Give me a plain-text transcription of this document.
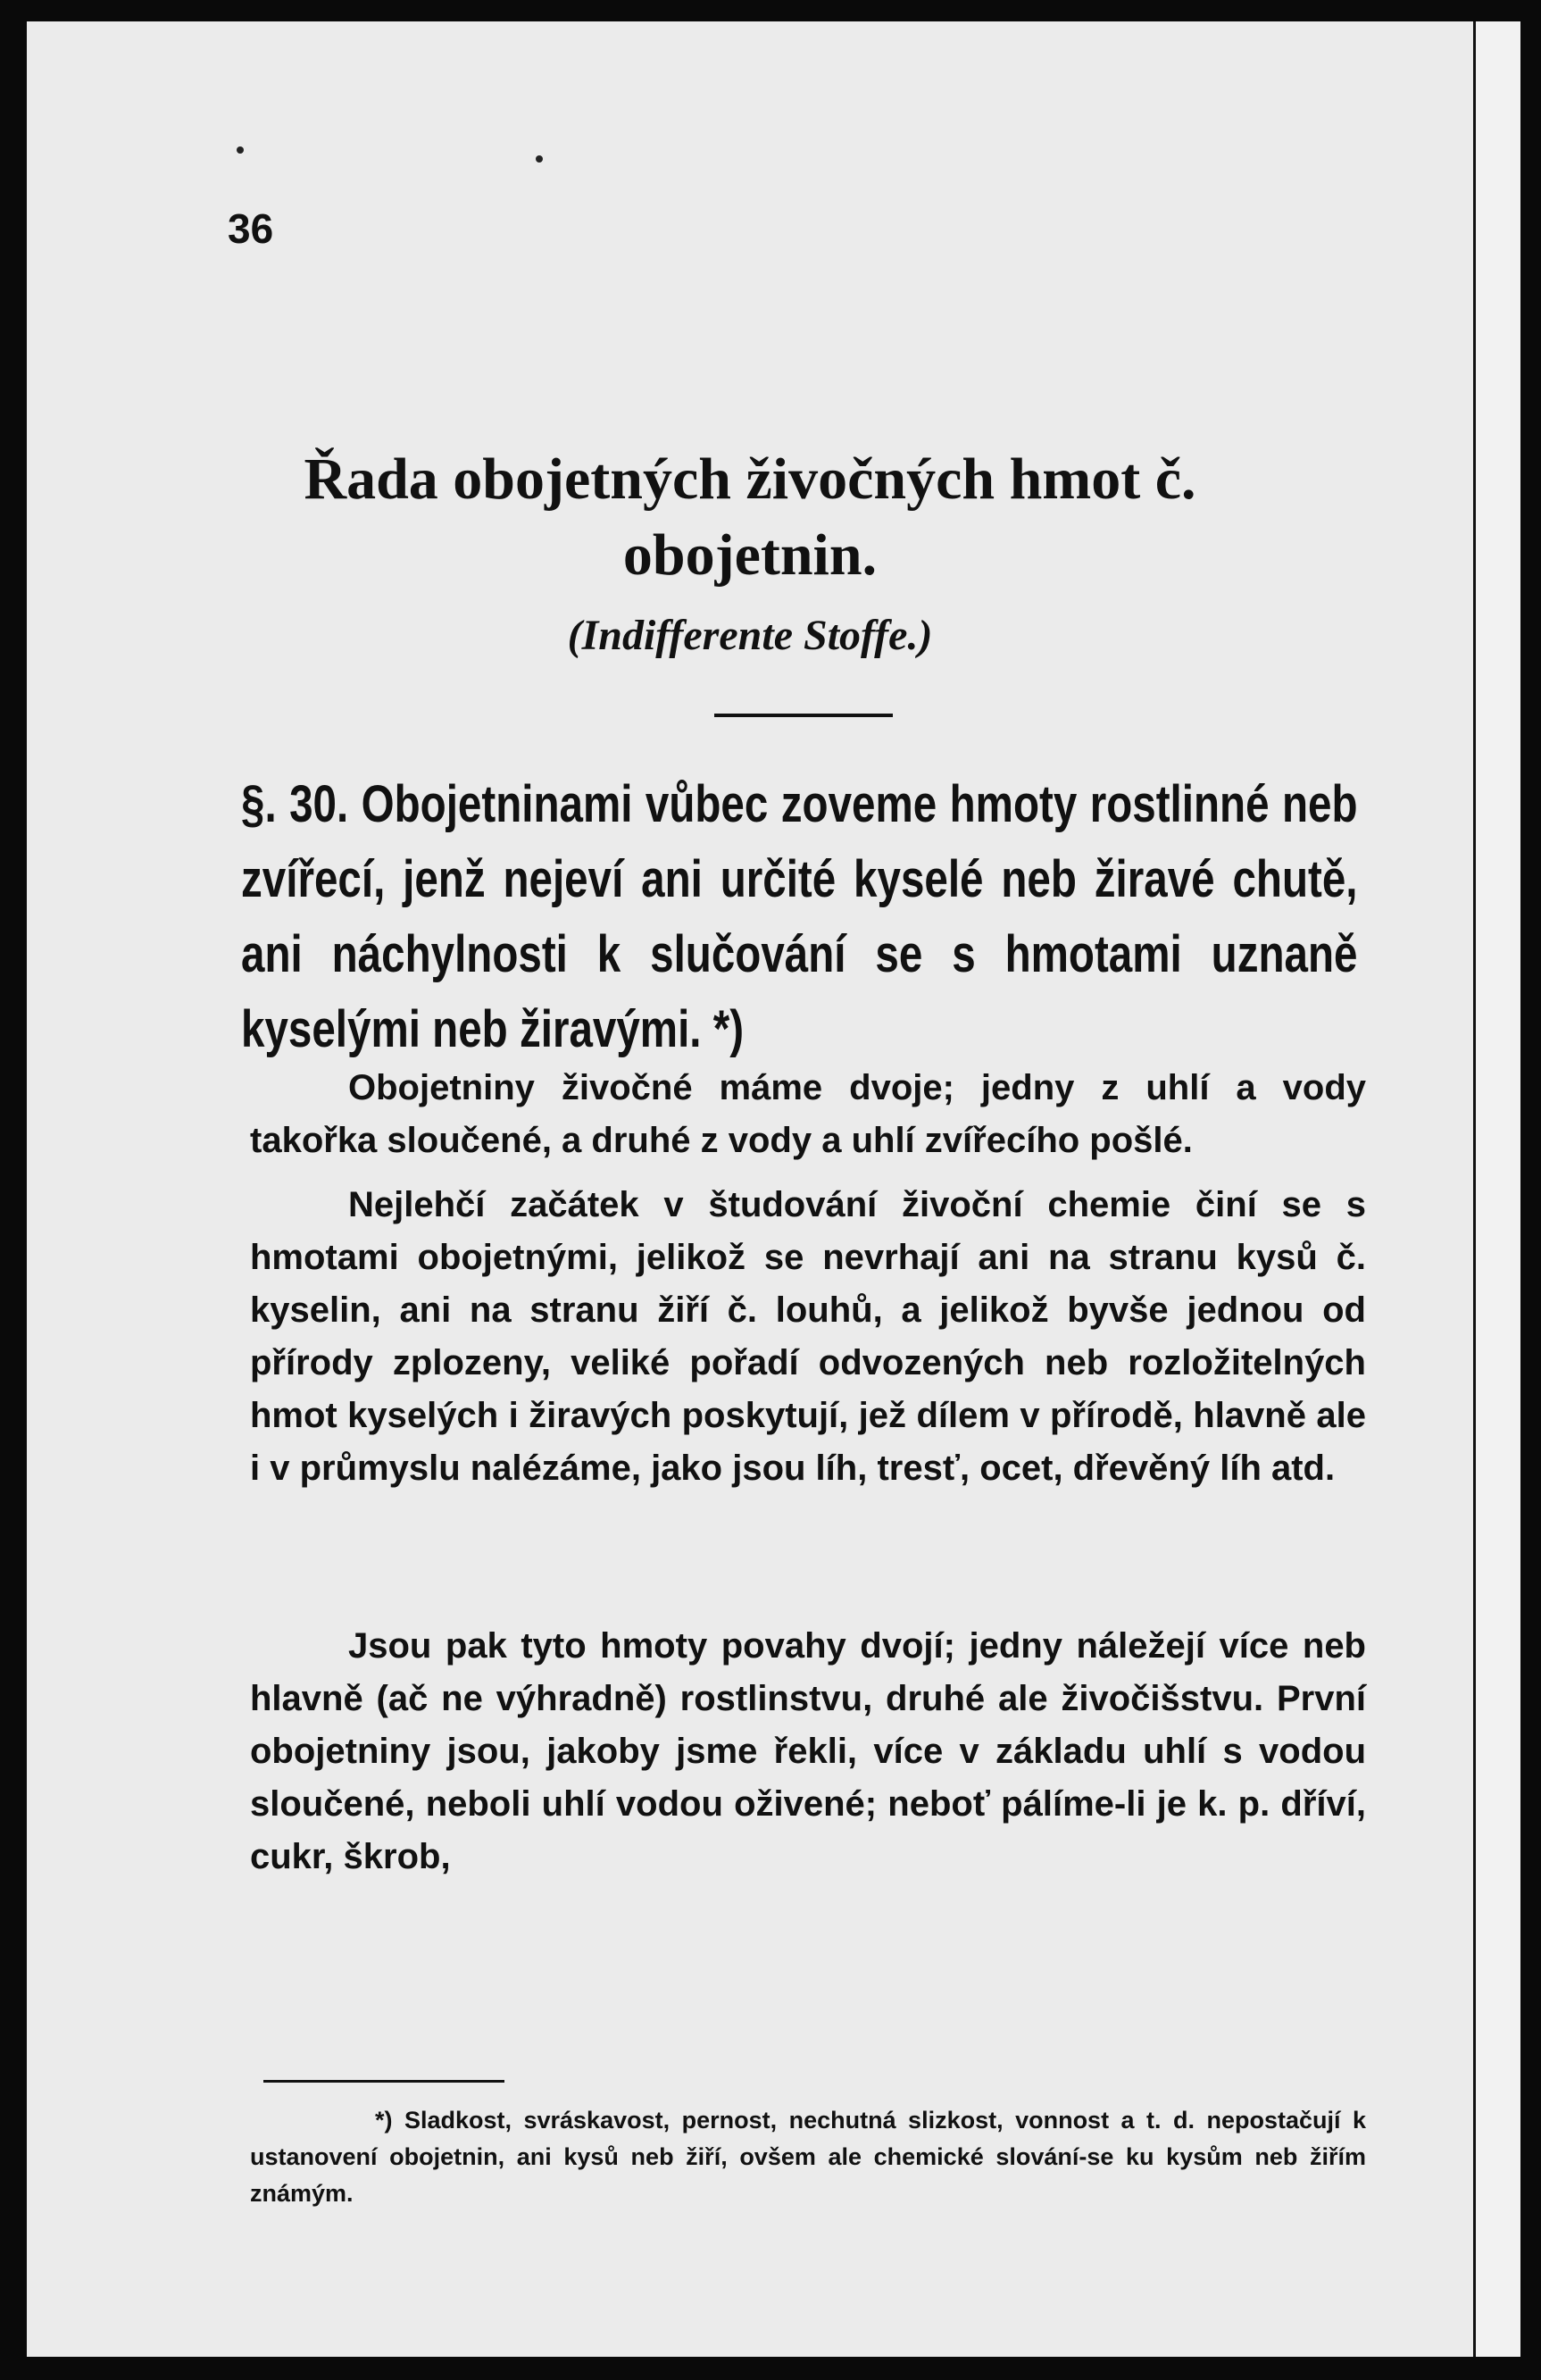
36

Řada obojetných živočných hmot č.
obojetnin.

(Indifferente Stoffe.)

§. 30. Obojetninami vůbec zoveme hmoty rostlinné neb zvířecí, jenž nejeví ani určité kyselé neb žiravé chutě, ani náchylnosti k slučování se s hmotami uznaně kyselými neb žiravými. *)

Obojetniny živočné máme dvoje; jedny z uhlí a vody takořka sloučené, a druhé z vody a uhlí zvířecího pošlé.

Nejlehčí začátek v študování živoční chemie činí se s hmotami obojetnými, jelikož se nevrhají ani na stranu kysů č. kyselin, ani na stranu žiří č. louhů, a jelikož byvše jednou od přírody zplozeny, veliké pořadí odvozených neb rozložitelných hmot kyselých i žiravých poskytují, jež dílem v přírodě, hlavně ale i v průmyslu nalézáme, jako jsou líh, tresť, ocet, dřevěný líh atd.

Jsou pak tyto hmoty povahy dvojí; jedny náležejí více neb hlavně (ač ne výhradně) rostlinstvu, druhé ale živočišstvu. První obojetniny jsou, jakoby jsme řekli, více v základu uhlí s vodou sloučené, neboli uhlí vodou oživené; neboť pálíme-li je k. p. dříví, cukr, škrob,

*) Sladkost, svráskavost, pernost, nechutná slizkost, vonnost a t. d. nepostačují k ustanovení obojetnin, ani kysů neb žiří, ovšem ale chemické slování-se ku kysům neb žiřím známým.
